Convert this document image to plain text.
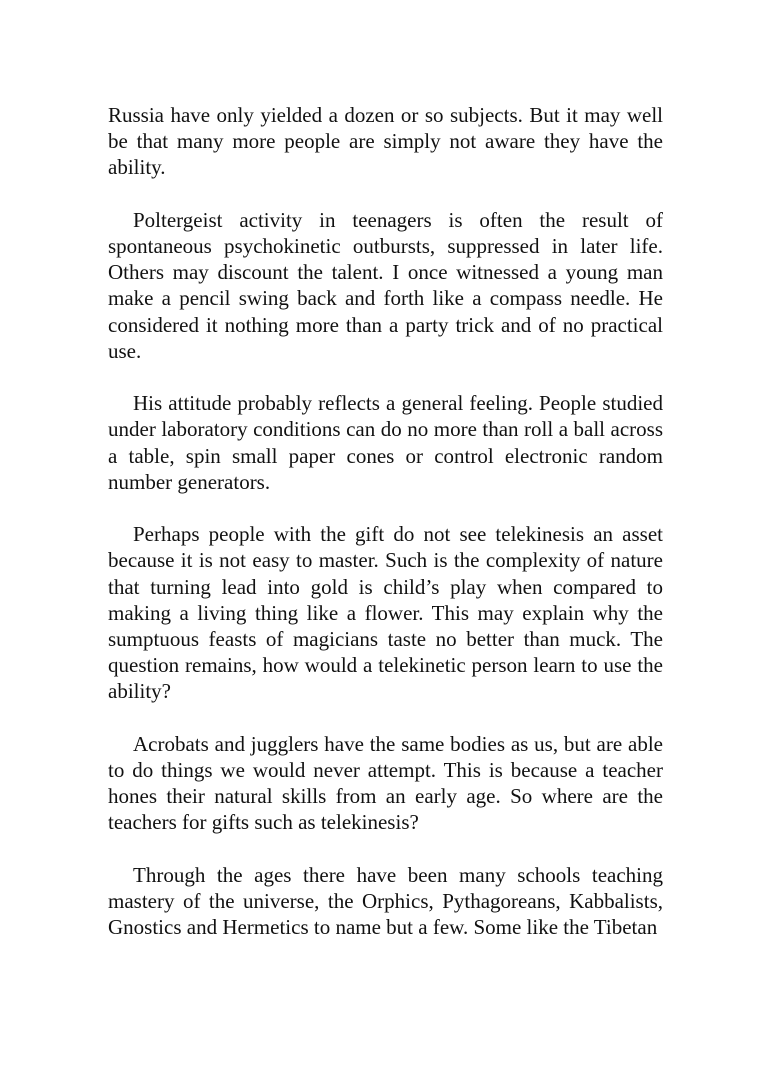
Russia have only yielded a dozen or so subjects. But it may well be that many more people are simply not aware they have the ability.

Poltergeist activity in teenagers is often the result of spontaneous psychokinetic outbursts, suppressed in later life. Others may discount the talent. I once witnessed a young man make a pencil swing back and forth like a compass needle. He considered it nothing more than a party trick and of no practical use.

His attitude probably reflects a general feeling. People studied under laboratory conditions can do no more than roll a ball across a table, spin small paper cones or control electronic random number generators.

Perhaps people with the gift do not see telekinesis an asset because it is not easy to master. Such is the complexity of nature that turning lead into gold is child’s play when compared to making a living thing like a flower. This may explain why the sumptuous feasts of magicians taste no better than muck. The question remains, how would a telekinetic person learn to use the ability?

Acrobats and jugglers have the same bodies as us, but are able to do things we would never attempt. This is because a teacher hones their natural skills from an early age. So where are the teachers for gifts such as telekinesis?

Through the ages there have been many schools teaching mastery of the universe, the Orphics, Pythagoreans, Kabbalists, Gnostics and Hermetics to name but a few. Some like the Tibetan
